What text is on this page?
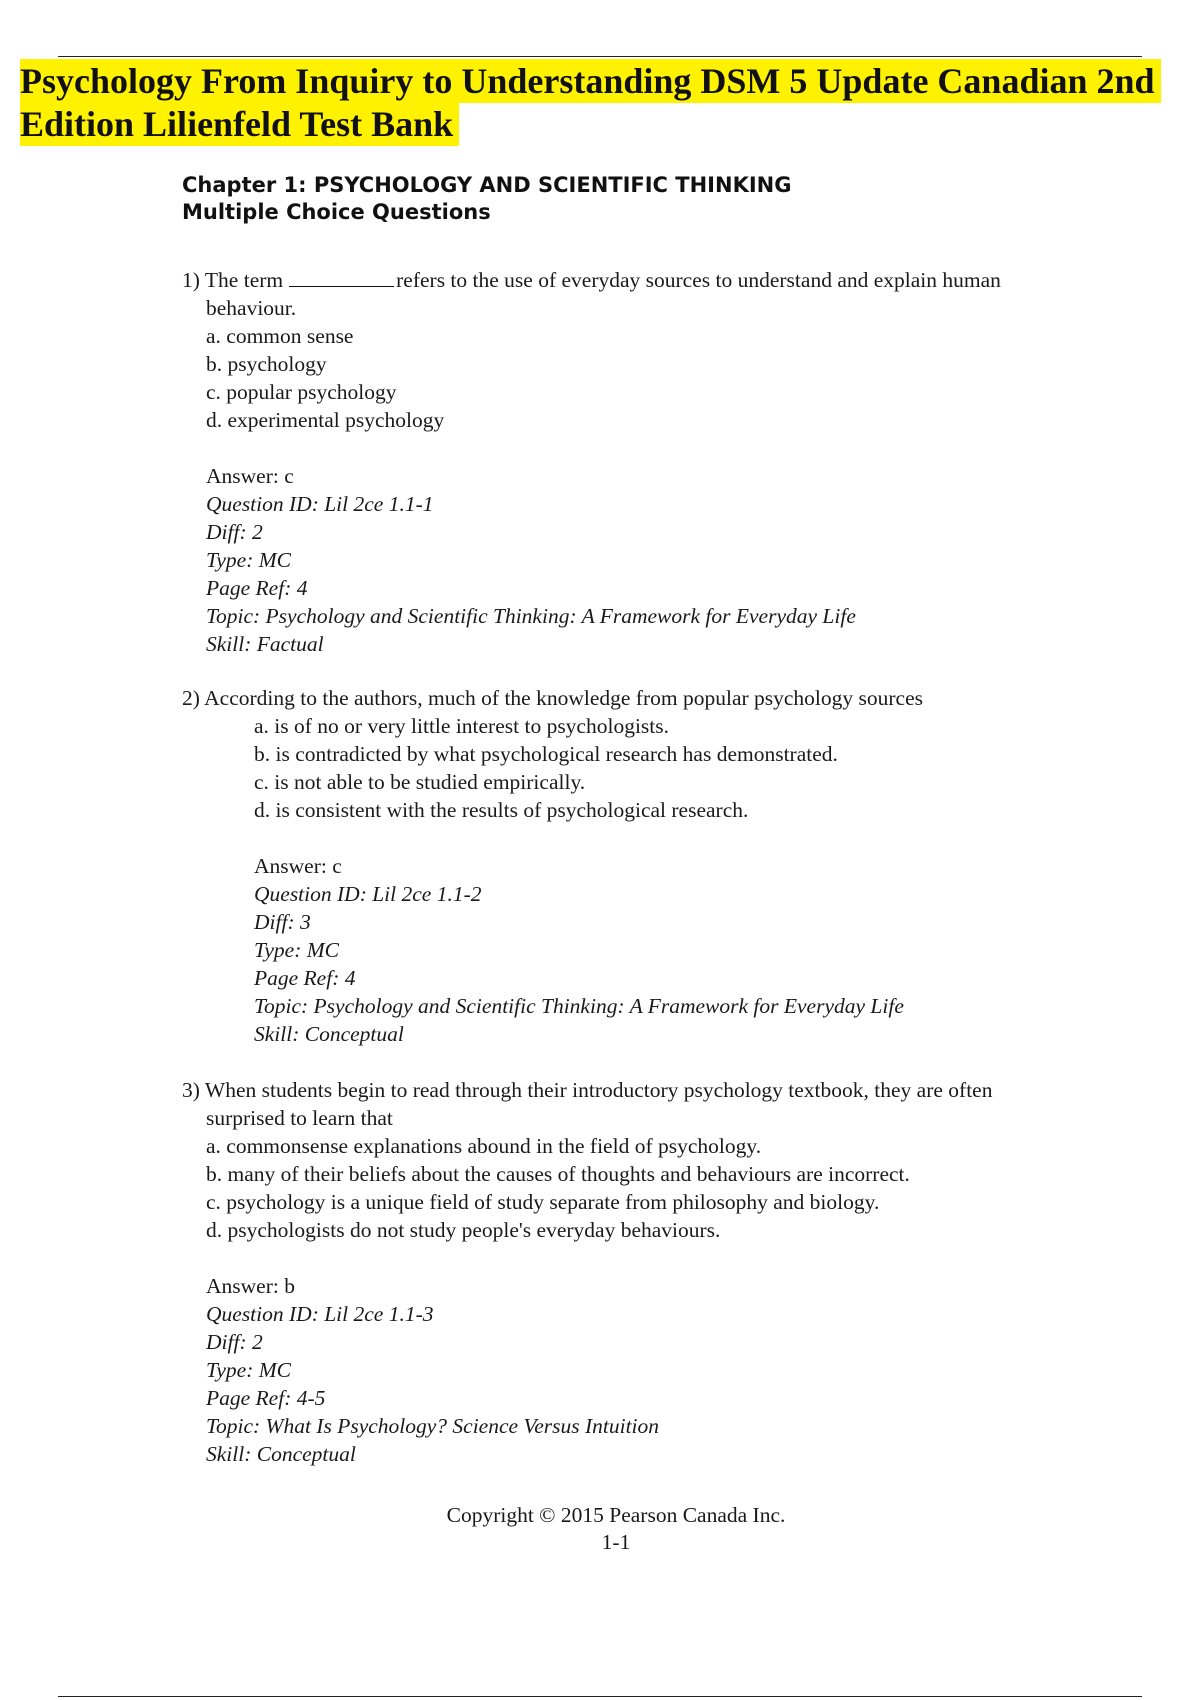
Psychology From Inquiry to Understanding DSM 5 Update Canadian 2nd Edition Lilienfeld Test Bank
Chapter 1: PSYCHOLOGY AND SCIENTIFIC THINKING
Multiple Choice Questions

1) The term	refers to the use of everyday sources to understand and explain human behaviour.

a. common sense

b. psychology

c. popular psychology

d. experimental psychology

Answer: c

Question ID: Lil 2ce 1.1-1

Diff: 2

Type: MC

Page Ref: 4

Topic: Psychology and Scientific Thinking: A Framework for Everyday Life

Skill: Factual

2) According to the authors, much of the knowledge from popular psychology sources

a. is of no or very little interest to psychologists.

b. is contradicted by what psychological research has demonstrated.

c. is not able to be studied empirically.

d. is consistent with the results of psychological research.

Answer: c

Question ID: Lil 2ce 1.1-2

Diff: 3

Type: MC

Page Ref: 4

Topic: Psychology and Scientific Thinking: A Framework for Everyday Life

Skill: Conceptual

3) When students begin to read through their introductory psychology textbook, they are often surprised to learn that

a. commonsense explanations abound in the field of psychology.

b. many of their beliefs about the causes of thoughts and behaviours are incorrect.

c. psychology is a unique field of study separate from philosophy and biology.

d. psychologists do not study people's everyday behaviours.

Answer: b

Question ID: Lil 2ce 1.1-3

Diff: 2

Type: MC

Page Ref: 4-5

Topic: What Is Psychology? Science Versus Intuition

Skill: Conceptual

Copyright © 2015 Pearson Canada Inc.

1-1
